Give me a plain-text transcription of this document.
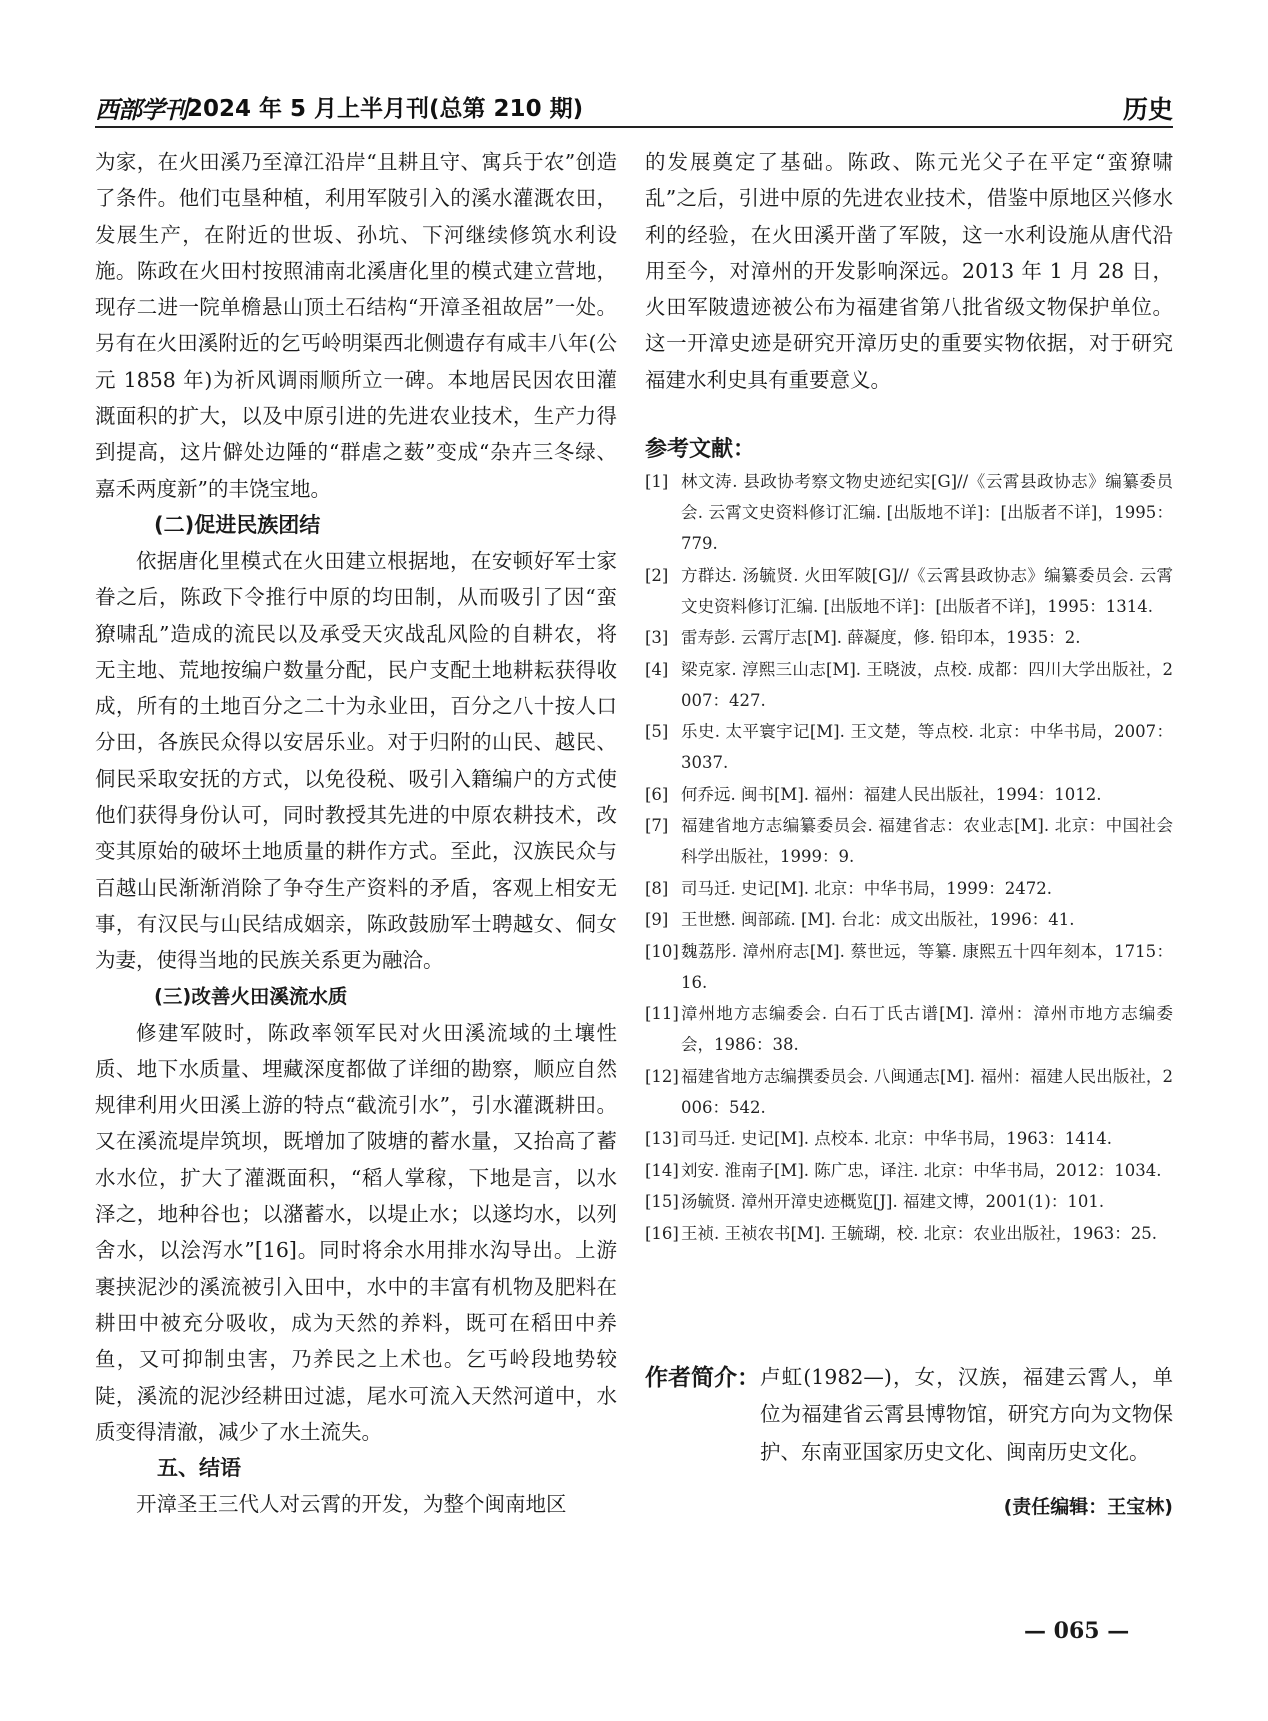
西部学刊 2024 年 5 月上半月刊(总第 210 期)	历史

为家，在火田溪乃至漳江沿岸“且耕且守、寓兵于农”创造了条件。他们屯垦种植，利用军陂引入的溪水灌溉农田，发展生产，在附近的世坂、孙坑、下河继续修筑水利设施。陈政在火田村按照浦南北溪唐化里的模式建立营地，现存二进一院单檐悬山顶土石结构“开漳圣祖故居”一处。另有在火田溪附近的乞丐岭明渠西北侧遗存有咸丰八年(公元 1858 年)为祈风调雨顺所立一碑。本地居民因农田灌溉面积的扩大，以及中原引进的先进农业技术，生产力得到提高，这片僻处边陲的“群虐之薮”变成“杂卉三冬绿、嘉禾两度新”的丰饶宝地。

(二)促进民族团结

依据唐化里模式在火田建立根据地，在安顿好军士家眷之后，陈政下令推行中原的均田制，从而吸引了因“蛮獠啸乱”造成的流民以及承受天灾战乱风险的自耕农，将无主地、荒地按编户数量分配，民户支配土地耕耘获得收成，所有的土地百分之二十为永业田，百分之八十按人口分田，各族民众得以安居乐业。对于归附的山民、越民、侗民采取安抚的方式，以免役税、吸引入籍编户的方式使他们获得身份认可，同时教授其先进的中原农耕技术，改变其原始的破坏土地质量的耕作方式。至此，汉族民众与百越山民渐渐消除了争夺生产资料的矛盾，客观上相安无事，有汉民与山民结成姻亲，陈政鼓励军士聘越女、侗女为妻，使得当地的民族关系更为融洽。

(三)改善火田溪流水质

修建军陂时，陈政率领军民对火田溪流域的土壤性质、地下水质量、埋藏深度都做了详细的勘察，顺应自然规律利用火田溪上游的特点“截流引水”，引水灌溉耕田。又在溪流堤岸筑坝，既增加了陂塘的蓄水量，又抬高了蓄水水位，扩大了灌溉面积，“稻人掌稼，下地是言，以水泽之，地种谷也；以潴蓄水，以堤止水；以遂均水，以列舍水，以浍泻水”[16]。同时将余水用排水沟导出。上游裹挟泥沙的溪流被引入田中，水中的丰富有机物及肥料在耕田中被充分吸收，成为天然的养料，既可在稻田中养鱼，又可抑制虫害，乃养民之上术也。乞丐岭段地势较陡，溪流的泥沙经耕田过滤，尾水可流入天然河道中，水质变得清澈，减少了水土流失。

五、结语

开漳圣王三代人对云霄的开发，为整个闽南地区

的发展奠定了基础。陈政、陈元光父子在平定“蛮獠啸乱”之后，引进中原的先进农业技术，借鉴中原地区兴修水利的经验，在火田溪开凿了军陂，这一水利设施从唐代沿用至今，对漳州的开发影响深远。2013 年 1 月 28 日，火田军陂遗迹被公布为福建省第八批省级文物保护单位。这一开漳史迹是研究开漳历史的重要实物依据，对于研究福建水利史具有重要意义。

参考文献：

[1] 林文涛. 县政协考察文物史迹纪实[G]//《云霄县政协志》编纂委员会. 云霄文史资料修订汇编. [出版地不详]：[出版者不详]，1995：779.
[2] 方群达. 汤毓贤. 火田军陂[G]//《云霄县政协志》编纂委员会. 云霄文史资料修订汇编. [出版地不详]：[出版者不详]，1995：1314.
[3] 雷寿彭. 云霄厅志[M]. 薛凝度，修. 铅印本，1935：2.
[4] 梁克家. 淳熙三山志[M]. 王晓波，点校. 成都：四川大学出版社，2007：427.
[5] 乐史. 太平寰宇记[M]. 王文楚，等点校. 北京：中华书局，2007：3037.
[6] 何乔远. 闽书[M]. 福州：福建人民出版社，1994：1012.
[7] 福建省地方志编纂委员会. 福建省志：农业志[M]. 北京：中国社会科学出版社，1999：9.
[8] 司马迁. 史记[M]. 北京：中华书局，1999：2472.
[9] 王世懋. 闽部疏. [M]. 台北：成文出版社，1996：41.
[10] 魏荔彤. 漳州府志[M]. 蔡世远，等纂. 康熙五十四年刻本，1715：16.
[11] 漳州地方志编委会. 白石丁氏古谱[M]. 漳州：漳州市地方志编委会，1986：38.
[12] 福建省地方志编撰委员会. 八闽通志[M]. 福州：福建人民出版社，2006：542.
[13] 司马迁. 史记[M]. 点校本. 北京：中华书局，1963：1414.
[14] 刘安. 淮南子[M]. 陈广忠，译注. 北京：中华书局，2012：1034.
[15] 汤毓贤. 漳州开漳史迹概览[J]. 福建文博，2001(1)：101.
[16] 王祯. 王祯农书[M]. 王毓瑚，校. 北京：农业出版社，1963：25.
作者简介： 卢虹(1982—)，女，汉族，福建云霄人，单位为福建省云霄县博物馆，研究方向为文物保护、东南亚国家历史文化、闽南历史文化。
(责任编辑：王宝林)
— 065 —
